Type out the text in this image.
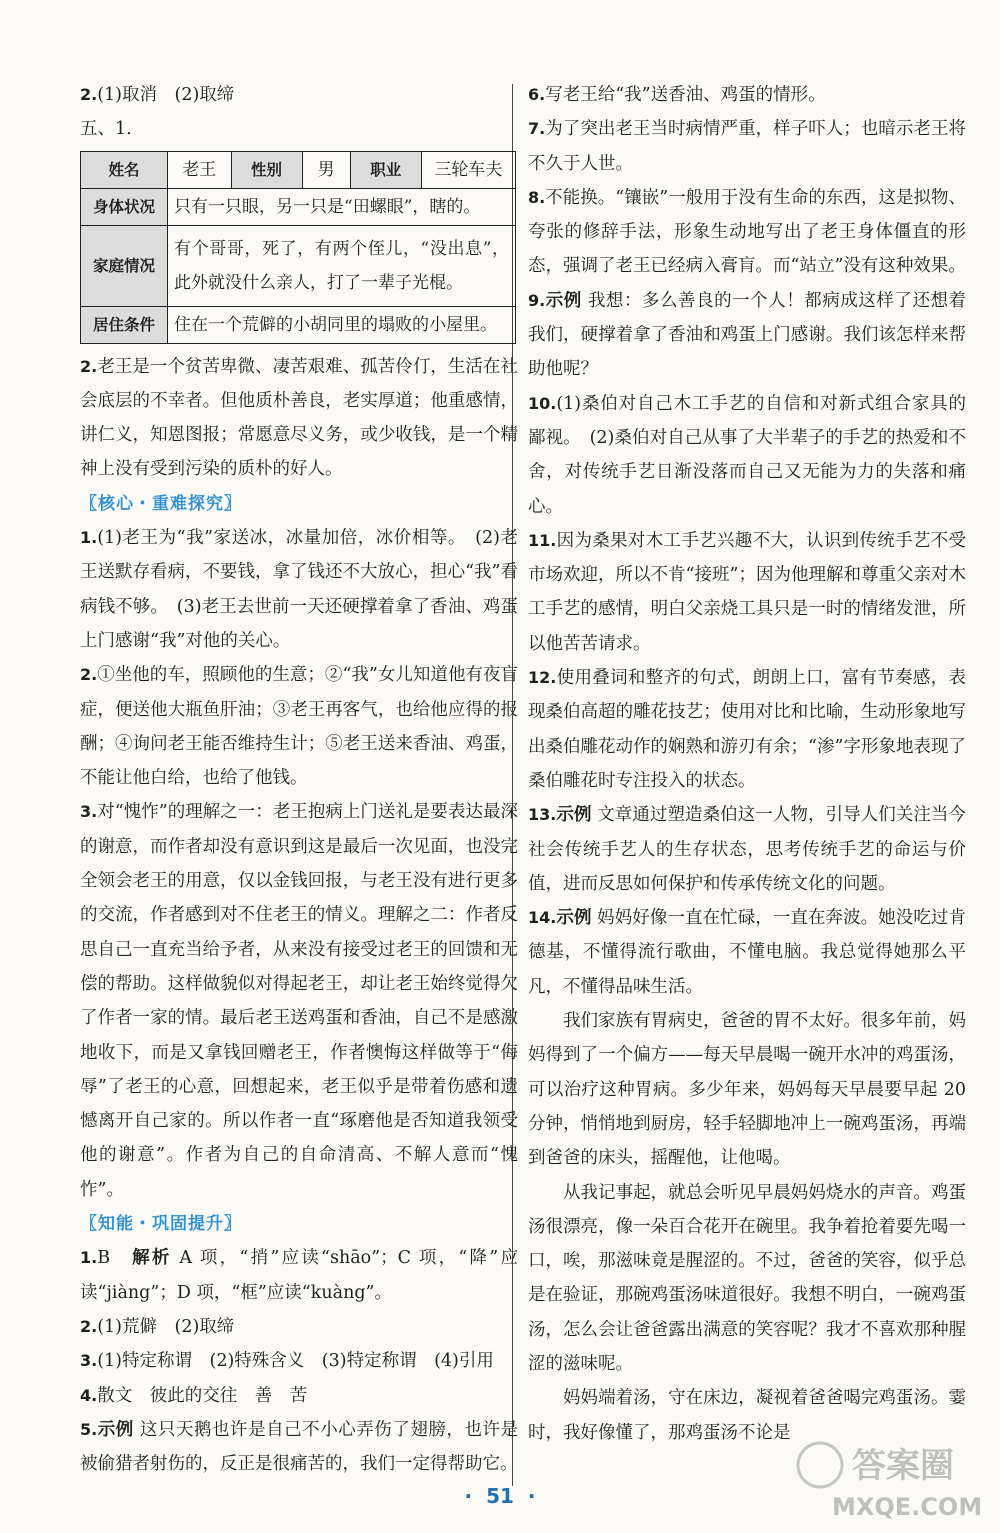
2.(1)取消　(2)取缔

五、1.

姓名	老王	性别	男	职业	三轮车夫
身体状况	只有一只眼，另一只是“田螺眼”，瞎的。				
家庭情况	有个哥哥，死了，有两个侄儿，“没出息”，此外就没什么亲人，打了一辈子光棍。				
居住条件	住在一个荒僻的小胡同里的塌败的小屋里。				

2.老王是一个贫苦卑微、凄苦艰难、孤苦伶仃，生活在社会底层的不幸者。但他质朴善良，老实厚道；他重感情，讲仁义，知恩图报；常愿意尽义务，或少收钱，是一个精神上没有受到污染的质朴的好人。

〖核心・重难探究〗

1.(1)老王为“我”家送冰，冰量加倍，冰价相等。　(2)老王送默存看病，不要钱，拿了钱还不大放心，担心“我”看病钱不够。　(3)老王去世前一天还硬撑着拿了香油、鸡蛋上门感谢“我”对他的关心。

2.①坐他的车，照顾他的生意；②“我”女儿知道他有夜盲症，便送他大瓶鱼肝油；③老王再客气，也给他应得的报酬；④询问老王能否维持生计；⑤老王送来香油、鸡蛋，不能让他白给，也给了他钱。

3.对“愧怍”的理解之一：老王抱病上门送礼是要表达最深的谢意，而作者却没有意识到这是最后一次见面，也没完全领会老王的用意，仅以金钱回报，与老王没有进行更多的交流，作者感到对不住老王的情义。理解之二：作者反思自己一直充当给予者，从来没有接受过老王的回馈和无偿的帮助。这样做貌似对得起老王，却让老王始终觉得欠了作者一家的情。最后老王送鸡蛋和香油，自己不是感激地收下，而是又拿钱回赠老王，作者懊悔这样做等于“侮辱”了老王的心意，回想起来，老王似乎是带着伤感和遗憾离开自己家的。所以作者一直“琢磨他是否知道我领受他的谢意”。作者为自己的自命清高、不解人意而“愧怍”。

〖知能・巩固提升〗

1.B　解析 A 项，“捎”应读“shāo”；C 项，“降”应读“jiàng”；D 项，“框”应读“kuàng”。

2.(1)荒僻　(2)取缔

3.(1)特定称谓　(2)特殊含义　(3)特定称谓　(4)引用

4.散文　彼此的交往　善　苦

5.示例 这只天鹅也许是自己不小心弄伤了翅膀，也许是被偷猎者射伤的，反正是很痛苦的，我们一定得帮助它。

6.写老王给“我”送香油、鸡蛋的情形。

7.为了突出老王当时病情严重，样子吓人；也暗示老王将不久于人世。

8.不能换。“镶嵌”一般用于没有生命的东西，这是拟物、夸张的修辞手法，形象生动地写出了老王身体僵直的形态，强调了老王已经病入膏肓。而“站立”没有这种效果。

9.示例 我想：多么善良的一个人！都病成这样了还想着我们，硬撑着拿了香油和鸡蛋上门感谢。我们该怎样来帮助他呢？

10.(1)桑伯对自己木工手艺的自信和对新式组合家具的鄙视。　(2)桑伯对自己从事了大半辈子的手艺的热爱和不舍，对传统手艺日渐没落而自己又无能为力的失落和痛心。

11.因为桑果对木工手艺兴趣不大，认识到传统手艺不受市场欢迎，所以不肯“接班”；因为他理解和尊重父亲对木工手艺的感情，明白父亲烧工具只是一时的情绪发泄，所以他苦苦请求。

12.使用叠词和整齐的句式，朗朗上口，富有节奏感，表现桑伯高超的雕花技艺；使用对比和比喻，生动形象地写出桑伯雕花动作的娴熟和游刃有余；“渗”字形象地表现了桑伯雕花时专注投入的状态。

13.示例 文章通过塑造桑伯这一人物，引导人们关注当今社会传统手艺人的生存状态，思考传统手艺的命运与价值，进而反思如何保护和传承传统文化的问题。

14.示例 妈妈好像一直在忙碌，一直在奔波。她没吃过肯德基，不懂得流行歌曲，不懂电脑。我总觉得她那么平凡，不懂得品味生活。

我们家族有胃病史，爸爸的胃不太好。很多年前，妈妈得到了一个偏方——每天早晨喝一碗开水冲的鸡蛋汤，可以治疗这种胃病。多少年来，妈妈每天早晨要早起 20 分钟，悄悄地到厨房，轻手轻脚地冲上一碗鸡蛋汤，再端到爸爸的床头，摇醒他，让他喝。

从我记事起，就总会听见早晨妈妈烧水的声音。鸡蛋汤很漂亮，像一朵百合花开在碗里。我争着抢着要先喝一口，唉，那滋味竟是腥涩的。不过，爸爸的笑容，似乎总是在验证，那碗鸡蛋汤味道很好。我想不明白，一碗鸡蛋汤，怎么会让爸爸露出满意的笑容呢？我才不喜欢那种腥涩的滋味呢。

妈妈端着汤，守在床边，凝视着爸爸喝完鸡蛋汤。霎时，我好像懂了，那鸡蛋汤不论是

·  51  ·
答案圈
MXQE.COM
